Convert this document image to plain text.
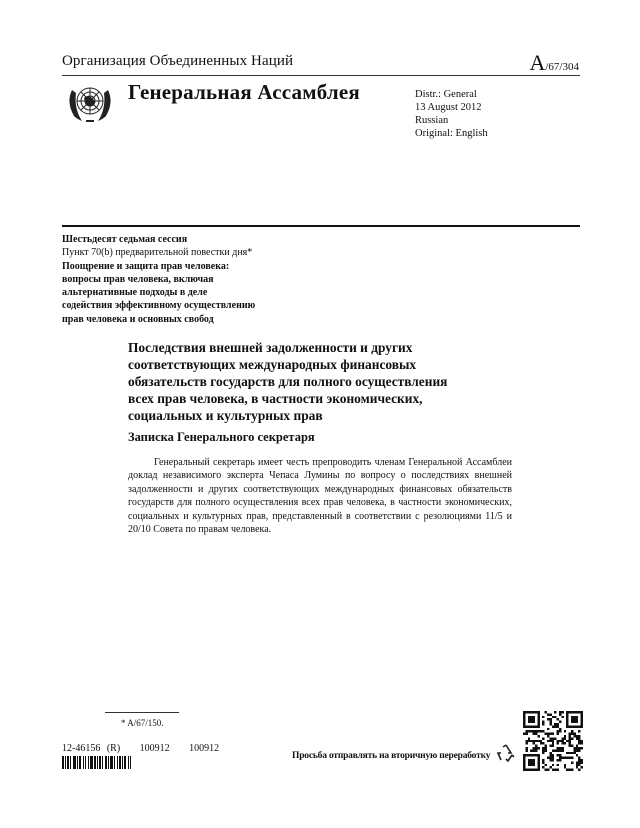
Организация Объединенных Наций	A/67/304
Генеральная Ассамблея	Distr.: General
13 August 2012
Russian
Original: English
Шестьдесят седьмая сессия
Пункт 70(b) предварительной повестки дня*
Поощрение и защита прав человека:
вопросы прав человека, включая
альтернативные подходы в деле
содействия эффективному осуществлению
прав человека и основных свобод
Последствия внешней задолженности и других
соответствующих международных финансовых
обязательств государств для полного осуществления
всех прав человека, в частности экономических,
социальных и культурных прав
Записка Генерального секретаря
Генеральный секретарь имеет честь препроводить членам Генеральной Ассамблеи доклад независимого эксперта Чепаса Лумины по вопросу о последствиях внешней задолженности и других соответствующих международных финансовых обязательств государств для полного осуществления всех прав человека, в частности экономических, социальных и культурных прав, представленный в соответствии с резолюциями 11/5 и 20/10 Совета по правам человека.
* A/67/150.
12-46156 (R) 100912 100912
Просьба отправлять на вторичную переработку
